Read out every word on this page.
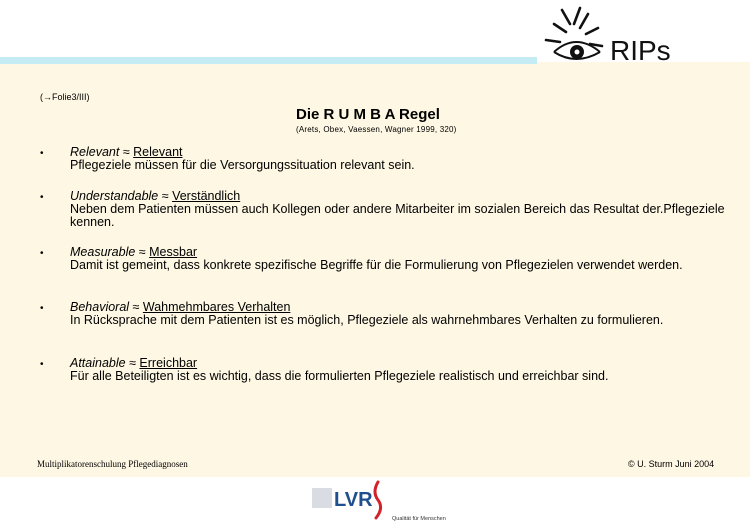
RIPs
(→Folie3/III)
Die R U M B A Regel
(Arets, Obex, Vaessen, Wagner 1999, 320)
• Relevant ≈ Relevant
Pflegeziele müssen für die Versorgungssituation relevant sein.
• Understandable ≈ Verständlich
Neben dem Patienten müssen auch Kollegen oder andere Mitarbeiter im sozialen Bereich das Resultat der.Pflegeziele kennen.
• Measurable ≈ Messbar
Damit ist gemeint, dass konkrete spezifische Begriffe für die Formulierung von Pflegezielen verwendet werden.
• Behavioral ≈ Wahmehmbares Verhalten
In Rücksprache mit dem Patienten ist es möglich, Pflegeziele als wahrnehmbares Verhalten zu formulieren.
• Attainable ≈ Erreichbar
Für alle Beteiligten ist es wichtig, dass die formulierten Pflegeziele realistisch und erreichbar sind.
Multiplikatorenschulung Pflegediagnosen	© U. Sturm Juni 2004
LVR
Qualität für Menschen
